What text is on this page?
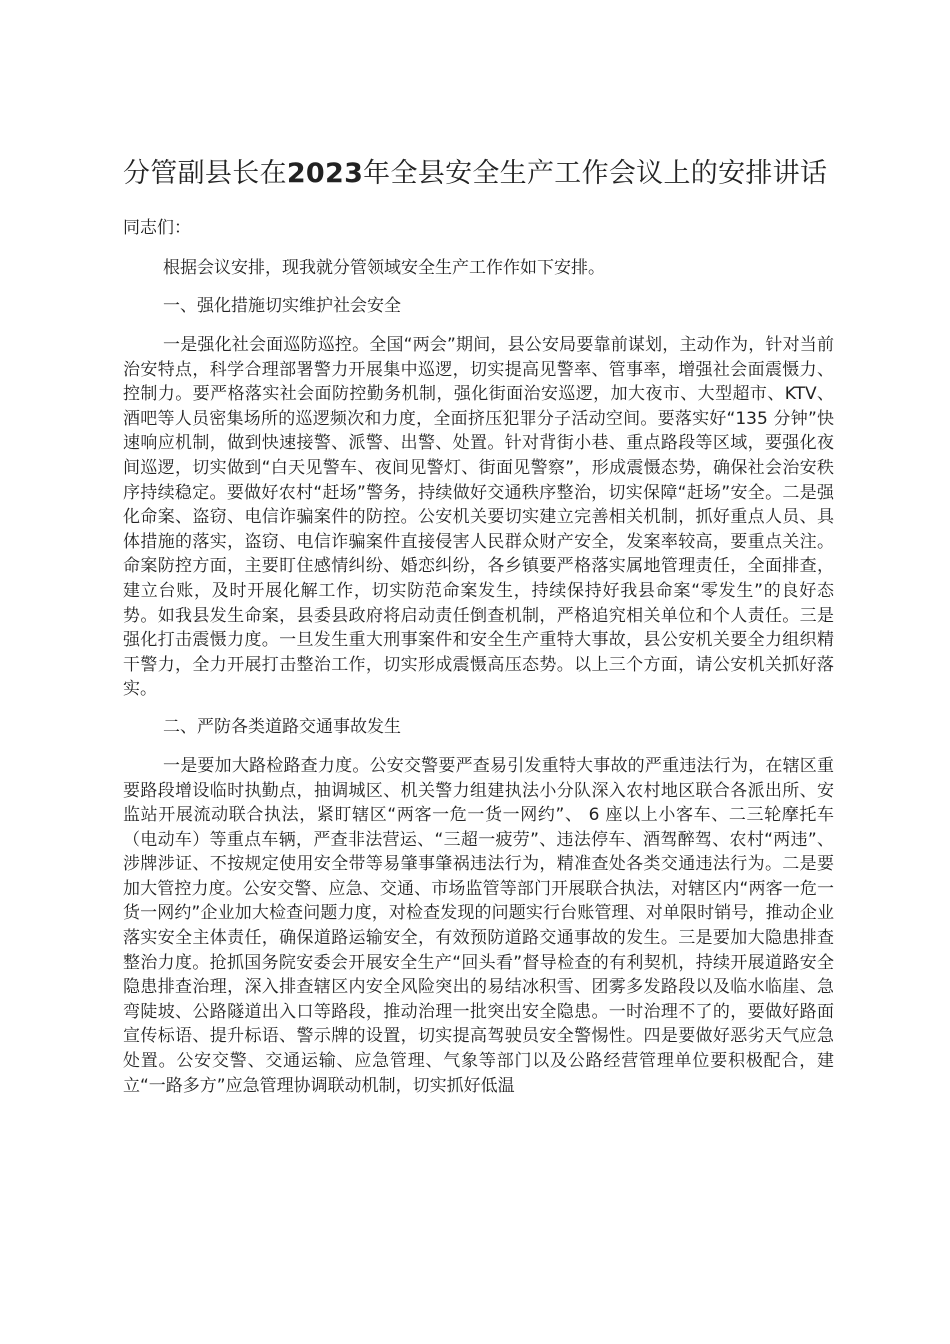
分管副县长在2023年全县安全生产工作会议上的安排讲话

同志们：

根据会议安排，现我就分管领域安全生产工作作如下安排。

一、强化措施切实维护社会安全

一是强化社会面巡防巡控。全国“两会”期间，县公安局要靠前谋划，主动作为，针对当前治安特点，科学合理部署警力开展集中巡逻，切实提高见警率、管事率，增强社会面震慑力、控制力。要严格落实社会面防控勤务机制，强化街面治安巡逻，加大夜市、大型超市、KTV、酒吧等人员密集场所的巡逻频次和力度，全面挤压犯罪分子活动空间。要落实好“135 分钟”快速响应机制，做到快速接警、派警、出警、处置。针对背街小巷、重点路段等区域，要强化夜间巡逻，切实做到“白天见警车、夜间见警灯、街面见警察”，形成震慑态势，确保社会治安秩序持续稳定。要做好农村“赶场”警务，持续做好交通秩序整治，切实保障“赶场”安全。二是强化命案、盗窃、电信诈骗案件的防控。公安机关要切实建立完善相关机制，抓好重点人员、具体措施的落实，盗窃、电信诈骗案件直接侵害人民群众财产安全，发案率较高，要重点关注。命案防控方面，主要盯住感情纠纷、婚恋纠纷，各乡镇要严格落实属地管理责任，全面排查，建立台账，及时开展化解工作，切实防范命案发生，持续保持好我县命案“零发生”的良好态势。如我县发生命案，县委县政府将启动责任倒查机制，严格追究相关单位和个人责任。三是强化打击震慑力度。一旦发生重大刑事案件和安全生产重特大事故，县公安机关要全力组织精干警力，全力开展打击整治工作，切实形成震慑高压态势。以上三个方面，请公安机关抓好落实。

二、严防各类道路交通事故发生

一是要加大路检路查力度。公安交警要严查易引发重特大事故的严重违法行为，在辖区重要路段增设临时执勤点，抽调城区、机关警力组建执法小分队深入农村地区联合各派出所、安监站开展流动联合执法，紧盯辖区“两客一危一货一网约”、 6 座以上小客车、二三轮摩托车（电动车）等重点车辆，严查非法营运、“三超一疲劳”、违法停车、酒驾醉驾、农村“两违”、涉牌涉证、不按规定使用安全带等易肇事肇祸违法行为，精准查处各类交通违法行为。二是要加大管控力度。公安交警、应急、交通、市场监管等部门开展联合执法，对辖区内“两客一危一货一网约”企业加大检查问题力度，对检查发现的问题实行台账管理、对单限时销号，推动企业落实安全主体责任，确保道路运输安全，有效预防道路交通事故的发生。三是要加大隐患排查整治力度。抢抓国务院安委会开展安全生产“回头看”督导检查的有利契机，持续开展道路安全隐患排查治理，深入排查辖区内安全风险突出的易结冰积雪、团雾多发路段以及临水临崖、急弯陡坡、公路隧道出入口等路段，推动治理一批突出安全隐患。一时治理不了的，要做好路面宣传标语、提升标语、警示牌的设置，切实提高驾驶员安全警惕性。四是要做好恶劣天气应急处置。公安交警、交通运输、应急管理、气象等部门以及公路经营管理单位要积极配合，建立“一路多方”应急管理协调联动机制，切实抓好低温
